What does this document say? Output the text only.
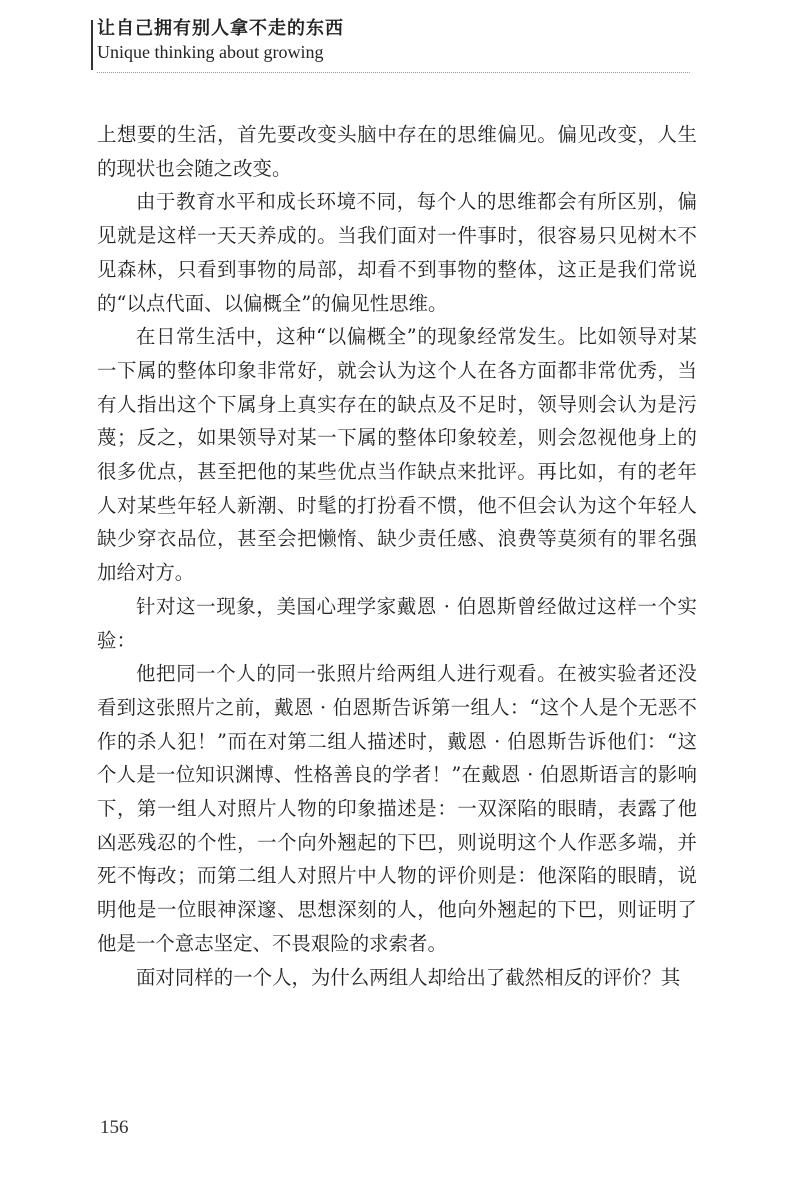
让自己拥有别人拿不走的东西
Unique thinking about growing

上想要的生活，首先要改变头脑中存在的思维偏见。偏见改变，人生的现状也会随之改变。

由于教育水平和成长环境不同，每个人的思维都会有所区别，偏见就是这样一天天养成的。当我们面对一件事时，很容易只见树木不见森林，只看到事物的局部，却看不到事物的整体，这正是我们常说的“以点代面、以偏概全”的偏见性思维。

在日常生活中，这种“以偏概全”的现象经常发生。比如领导对某一下属的整体印象非常好，就会认为这个人在各方面都非常优秀，当有人指出这个下属身上真实存在的缺点及不足时，领导则会认为是污蔑；反之，如果领导对某一下属的整体印象较差，则会忽视他身上的很多优点，甚至把他的某些优点当作缺点来批评。再比如，有的老年人对某些年轻人新潮、时髦的打扮看不惯，他不但会认为这个年轻人缺少穿衣品位，甚至会把懒惰、缺少责任感、浪费等莫须有的罪名强加给对方。

针对这一现象，美国心理学家戴恩 · 伯恩斯曾经做过这样一个实验：

他把同一个人的同一张照片给两组人进行观看。在被实验者还没看到这张照片之前，戴恩 · 伯恩斯告诉第一组人：“这个人是个无恶不作的杀人犯！”而在对第二组人描述时，戴恩 · 伯恩斯告诉他们：“这个人是一位知识渊博、性格善良的学者！”在戴恩 · 伯恩斯语言的影响下，第一组人对照片人物的印象描述是：一双深陷的眼睛，表露了他凶恶残忍的个性，一个向外翘起的下巴，则说明这个人作恶多端，并死不悔改；而第二组人对照片中人物的评价则是：他深陷的眼睛，说明他是一位眼神深邃、思想深刻的人，他向外翘起的下巴，则证明了他是一个意志坚定、不畏艰险的求索者。

面对同样的一个人，为什么两组人却给出了截然相反的评价？其

156
